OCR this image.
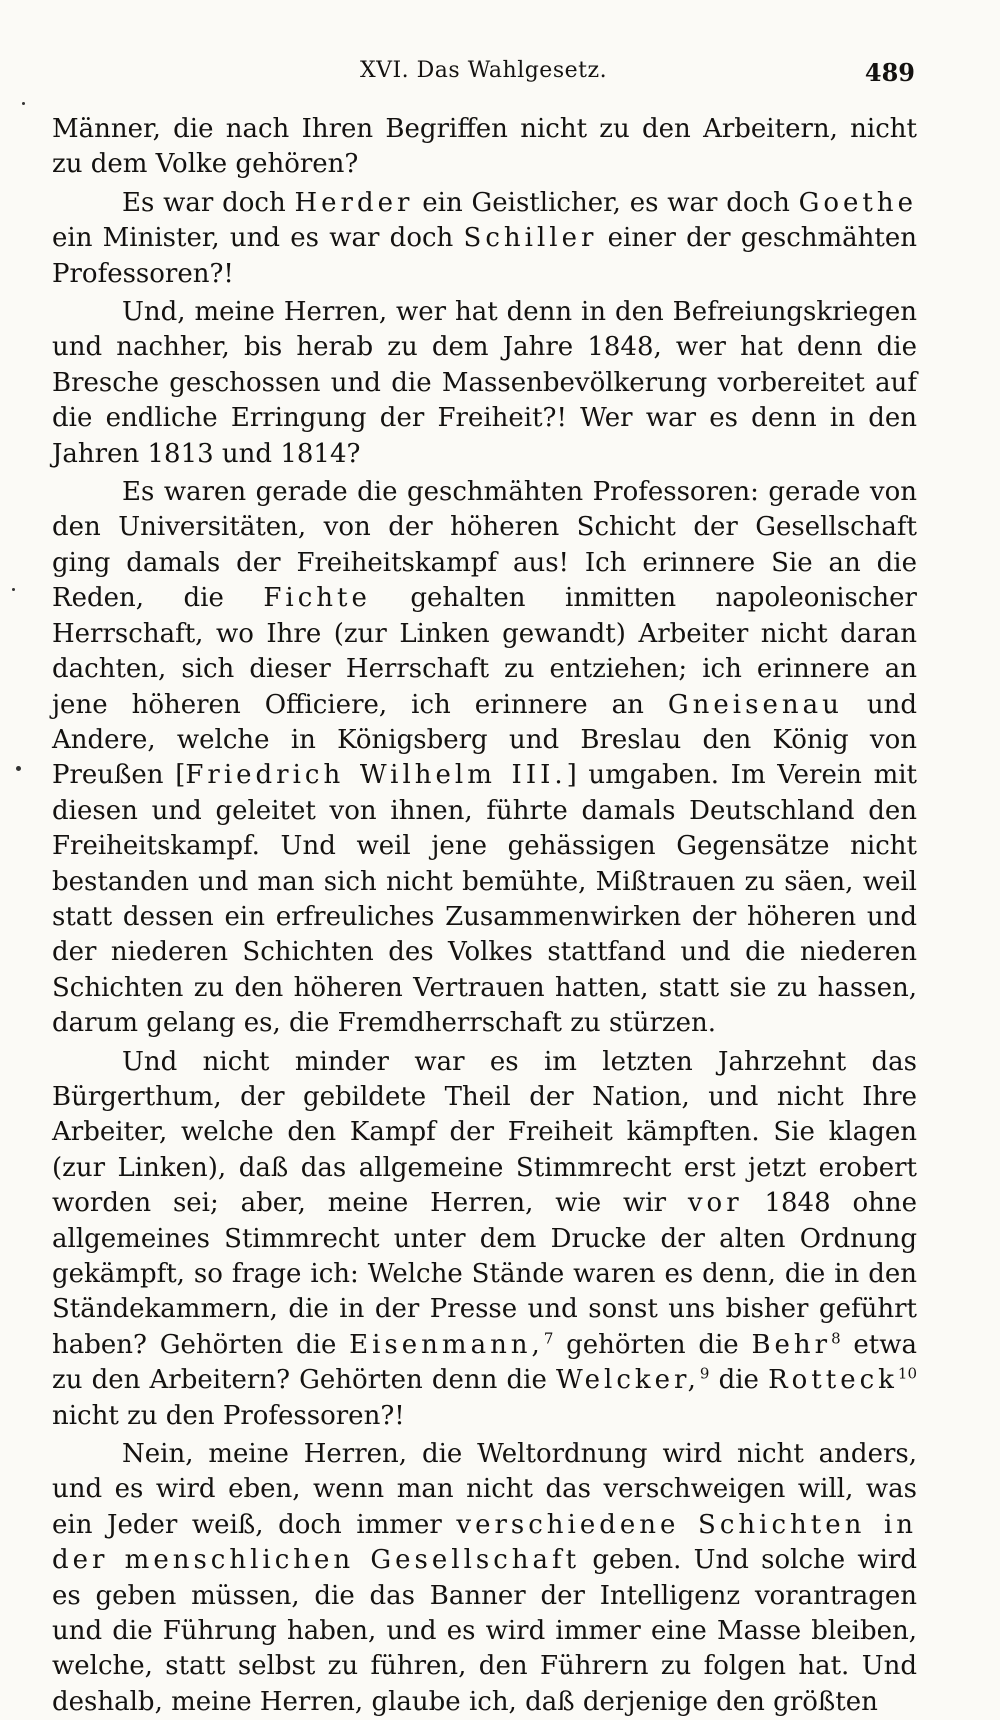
XVI. Das Wahlgesetz.	489

Männer, die nach Ihren Begriffen nicht zu den Arbeitern, nicht zu dem Volke gehören?

Es war doch Herder ein Geistlicher, es war doch Goethe ein Minister, und es war doch Schiller einer der geschmähten Professoren?!

Und, meine Herren, wer hat denn in den Befreiungskriegen und nachher, bis herab zu dem Jahre 1848, wer hat denn die Bresche geschossen und die Massenbevölkerung vorbereitet auf die endliche Erringung der Freiheit?! Wer war es denn in den Jahren 1813 und 1814?

Es waren gerade die geschmähten Professoren: gerade von den Universitäten, von der höheren Schicht der Gesellschaft ging damals der Freiheitskampf aus! Ich erinnere Sie an die Reden, die Fichte gehalten inmitten napoleonischer Herrschaft, wo Ihre (zur Linken gewandt) Arbeiter nicht daran dachten, sich dieser Herrschaft zu entziehen; ich erinnere an jene höheren Officiere, ich erinnere an Gneisenau und Andere, welche in Königsberg und Breslau den König von Preußen [Friedrich Wilhelm III.] umgaben. Im Verein mit diesen und geleitet von ihnen, führte damals Deutschland den Freiheitskampf. Und weil jene gehässigen Gegensätze nicht bestanden und man sich nicht bemühte, Mißtrauen zu säen, weil statt dessen ein erfreuliches Zusammenwirken der höheren und der niederen Schichten des Volkes stattfand und die niederen Schichten zu den höheren Vertrauen hatten, statt sie zu hassen, darum gelang es, die Fremdherrschaft zu stürzen.

Und nicht minder war es im letzten Jahrzehnt das Bürgerthum, der gebildete Theil der Nation, und nicht Ihre Arbeiter, welche den Kampf der Freiheit kämpften. Sie klagen (zur Linken), daß das allgemeine Stimmrecht erst jetzt erobert worden sei; aber, meine Herren, wie wir vor 1848 ohne allgemeines Stimmrecht unter dem Drucke der alten Ordnung gekämpft, so frage ich: Welche Stände waren es denn, die in den Ständekammern, die in der Presse und sonst uns bisher geführt haben? Gehörten die Eisenmann,$^7$ gehörten die Behr$^8$ etwa zu den Arbeitern? Gehörten denn die Welcker,$^9$ die Rotteck$^{10}$ nicht zu den Professoren?!

Nein, meine Herren, die Weltordnung wird nicht anders, und es wird eben, wenn man nicht das verschweigen will, was ein Jeder weiß, doch immer verschiedene Schichten in der menschlichen Gesellschaft geben. Und solche wird es geben müssen, die das Banner der Intelligenz vorantragen und die Führung haben, und es wird immer eine Masse bleiben, welche, statt selbst zu führen, den Führern zu folgen hat. Und deshalb, meine Herren, glaube ich, daß derjenige den größten
